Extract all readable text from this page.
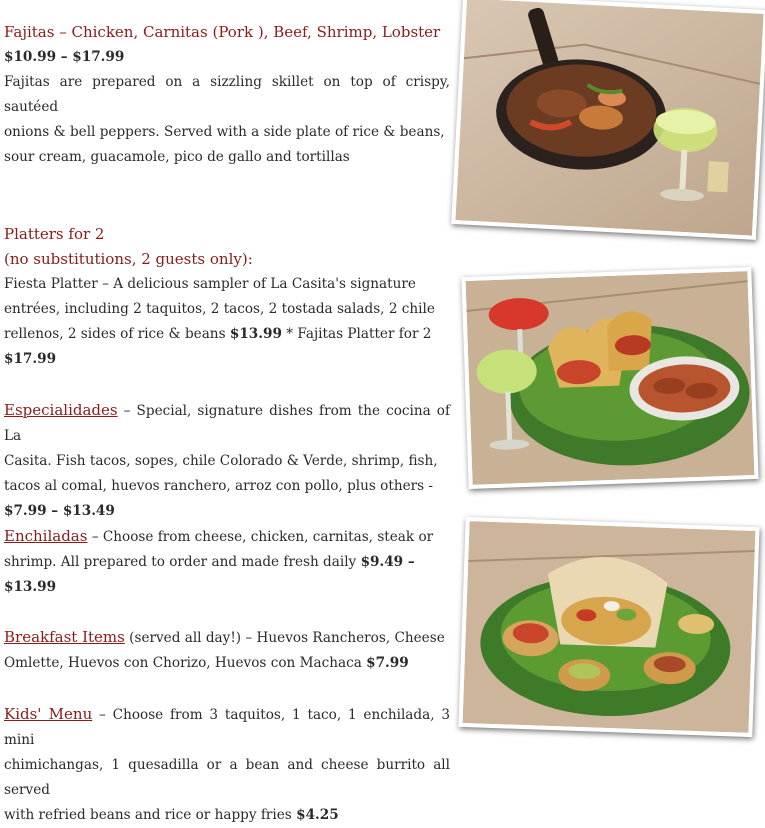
Fajitas – Chicken, Carnitas (Pork ), Beef, Shrimp, Lobster
$10.99 – $17.99
Fajitas are prepared on a sizzling skillet on top of crispy, sautéed
onions & bell peppers. Served with a side plate of rice & beans,
sour cream, guacamole, pico de gallo and tortillas
Platters for 2
(no substitutions, 2 guests only):
Fiesta Platter – A delicious sampler of La Casita's signature
entrées, including 2 taquitos, 2 tacos, 2 tostada salads, 2 chile
rellenos, 2 sides of rice & beans $13.99 * Fajitas Platter for 2
$17.99
Especialidades – Special, signature dishes from the cocina of La
Casita. Fish tacos, sopes, chile Colorado & Verde, shrimp, fish,
tacos al comal, huevos ranchero, arroz con pollo, plus others -
$7.99 – $13.49
Enchiladas – Choose from cheese, chicken, carnitas, steak or
shrimp. All prepared to order and made fresh daily $9.49 –
$13.99
Breakfast Items (served all day!) – Huevos Rancheros, Cheese
Omlette, Huevos con Chorizo, Huevos con Machaca $7.99
Kids' Menu – Choose from 3 taquitos, 1 taco, 1 enchilada, 3 mini
chimichangas, 1 quesadilla or a bean and cheese burrito all served
with refried beans and rice or happy fries $4.25
